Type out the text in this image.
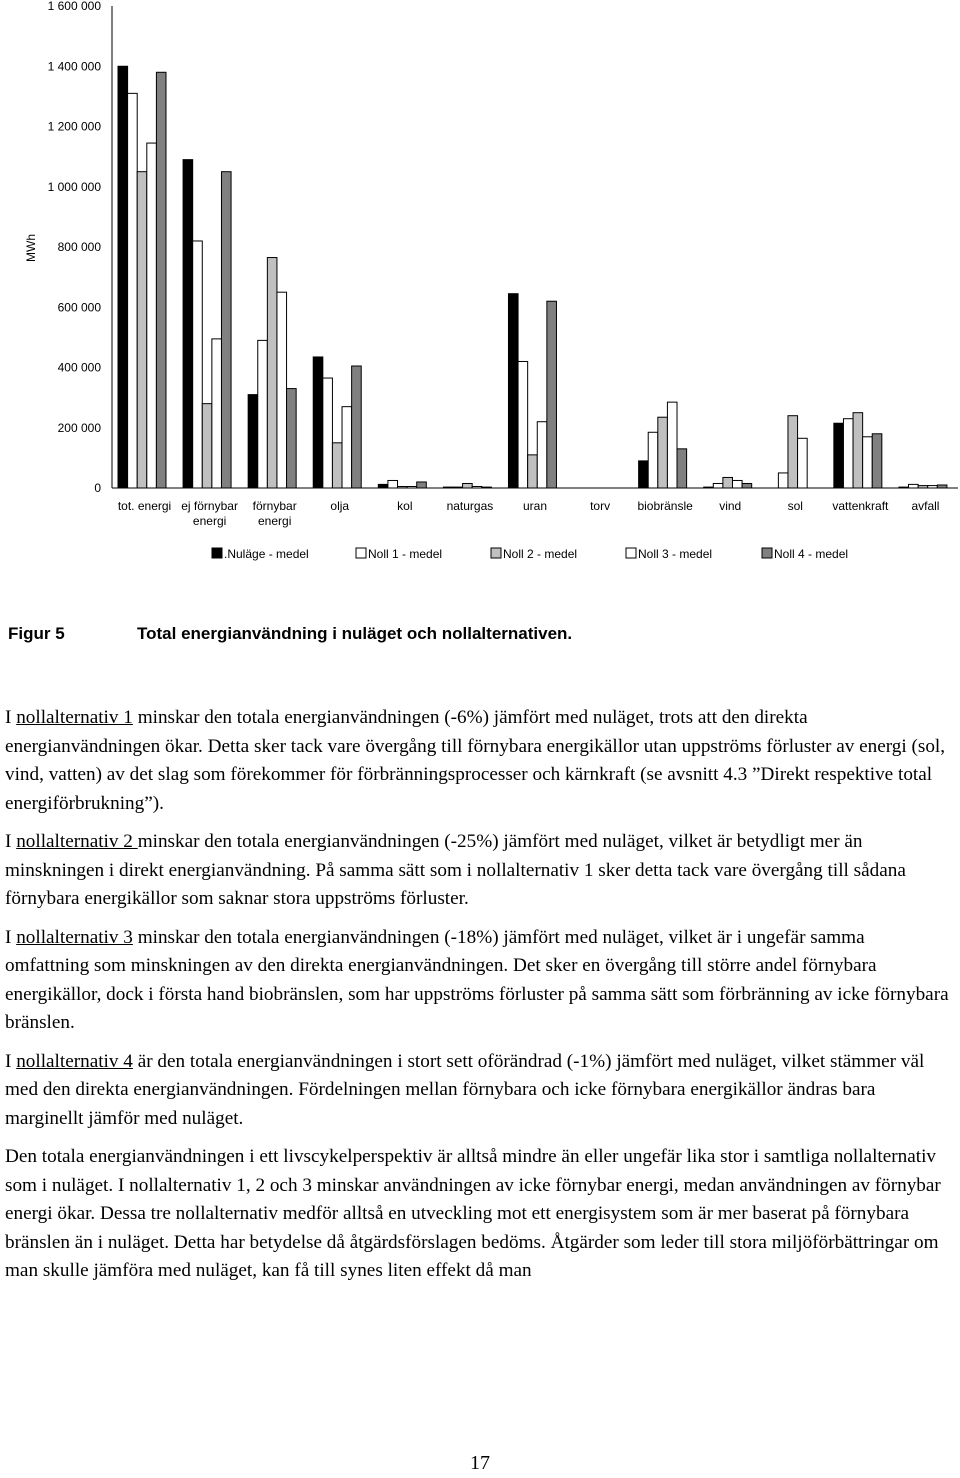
MWh
0
200 000
400 000
600 000
800 000
1 000 000
1 200 000
1 400 000
1 600 000
tot. energi ej förnybar energi
förnybar energi
olja	kol	naturgas uran	torv biobränsle vind	sol vattenkraft avfall
.Nuläge - medel	Noll 1 - medel	Noll 2 - medel	Noll 3 - medel	Noll 4 - medel
Figur 5	Total energianvändning i nuläget och nollalternativen.

I nollalternativ 1 minskar den totala energianvändningen (-6%) jämfört med nuläget, trots att den direkta energianvändningen ökar. Detta sker tack vare övergång till förnybara energikällor utan uppströms förluster av energi (sol, vind, vatten) av det slag som förekommer för förbränningsprocesser och kärnkraft (se avsnitt 4.3 ”Direkt respektive total energiförbrukning”).

I nollalternativ 2 minskar den totala energianvändningen (-25%) jämfört med nuläget, vilket är betydligt mer än minskningen i direkt energianvändning. På samma sätt som i nollalternativ 1 sker detta tack vare övergång till sådana förnybara energikällor som saknar stora uppströms förluster.

I nollalternativ 3 minskar den totala energianvändningen (-18%) jämfört med nuläget, vilket är i ungefär samma omfattning som minskningen av den direkta energianvändningen. Det sker en övergång till större andel förnybara energikällor, dock i första hand biobränslen, som har uppströms förluster på samma sätt som förbränning av icke förnybara bränslen.

I nollalternativ 4 är den totala energianvändningen i stort sett oförändrad (-1%) jämfört med nuläget, vilket stämmer väl med den direkta energianvändningen. Fördelningen mellan förnybara och icke förnybara energikällor ändras bara marginellt jämför med nuläget.

Den totala energianvändningen i ett livscykelperspektiv är alltså mindre än eller ungefär lika stor i samtliga nollalternativ som i nuläget. I nollalternativ 1, 2 och 3 minskar användningen av icke förnybar energi, medan användningen av förnybar energi ökar. Dessa tre nollalternativ medför alltså en utveckling mot ett energisystem som är mer baserat på förnybara bränslen än i nuläget. Detta har betydelse då åtgärdsförslagen bedöms. Åtgärder som leder till stora miljöförbättringar om man skulle jämföra med nuläget, kan få till synes liten effekt då man

17
